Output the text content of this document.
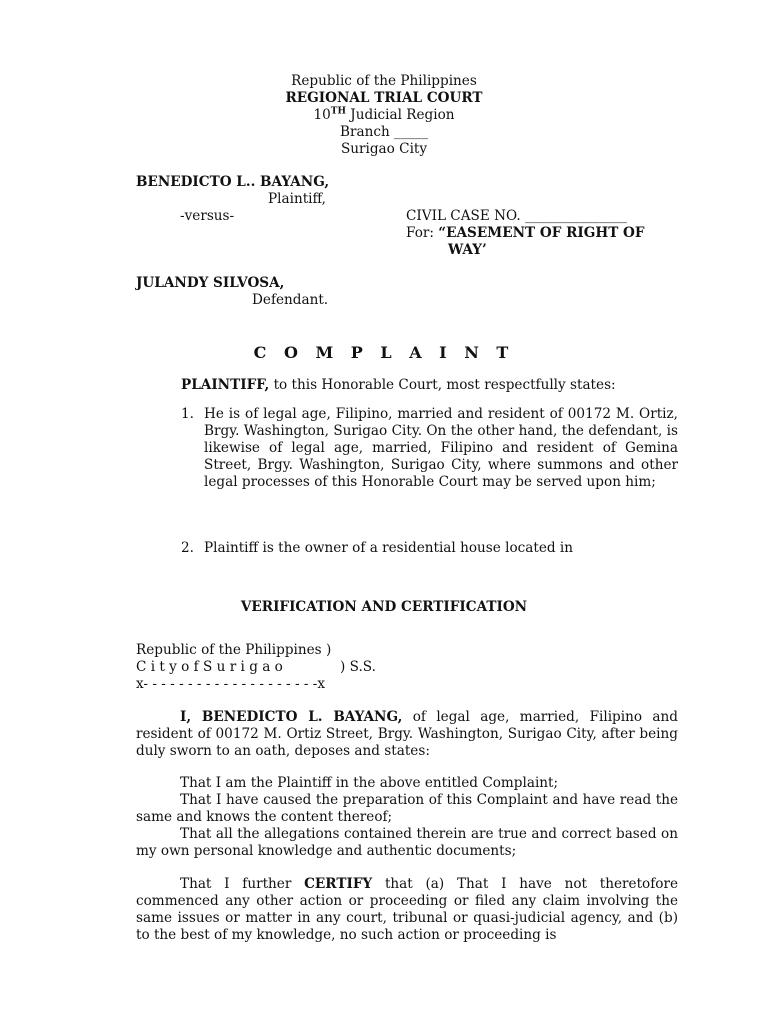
Republic of the Philippines
REGIONAL TRIAL COURT
10TH Judicial Region
Branch _____
Surigao City
BENEDICTO L.. BAYANG,
Plaintiff,
-versus-	CIVIL CASE NO. _______________
For: “EASEMENT OF RIGHT OF
WAY’
JULANDY SILVOSA,
Defendant.
C O M P L A I N T
PLAINTIFF, to this Honorable Court, most respectfully states:
1. He is of legal age, Filipino, married and resident of 00172 M. Ortiz, Brgy. Washington, Surigao City. On the other hand, the defendant, is likewise of legal age, married, Filipino and resident of Gemina Street, Brgy. Washington, Surigao City, where summons and other legal processes of this Honorable Court may be served upon him;
2. Plaintiff is the owner of a residential house located in
VERIFICATION AND CERTIFICATION
Republic of the Philippines )
C i t y o f S u r i g a o	) S.S.
x- - - - - - - - - - - - - - - - - - - -x
I, BENEDICTO L. BAYANG, of legal age, married, Filipino and resident of 00172 M. Ortiz Street, Brgy. Washington, Surigao City, after being duly sworn to an oath, deposes and states:
That I am the Plaintiff in the above entitled Complaint;
That I have caused the preparation of this Complaint and have read the same and knows the content thereof;
That all the allegations contained therein are true and correct based on my own personal knowledge and authentic documents;
That I further CERTIFY that (a) That I have not theretofore commenced any other action or proceeding or filed any claim involving the same issues or matter in any court, tribunal or quasi-judicial agency, and (b) to the best of my knowledge, no such action or proceeding is
